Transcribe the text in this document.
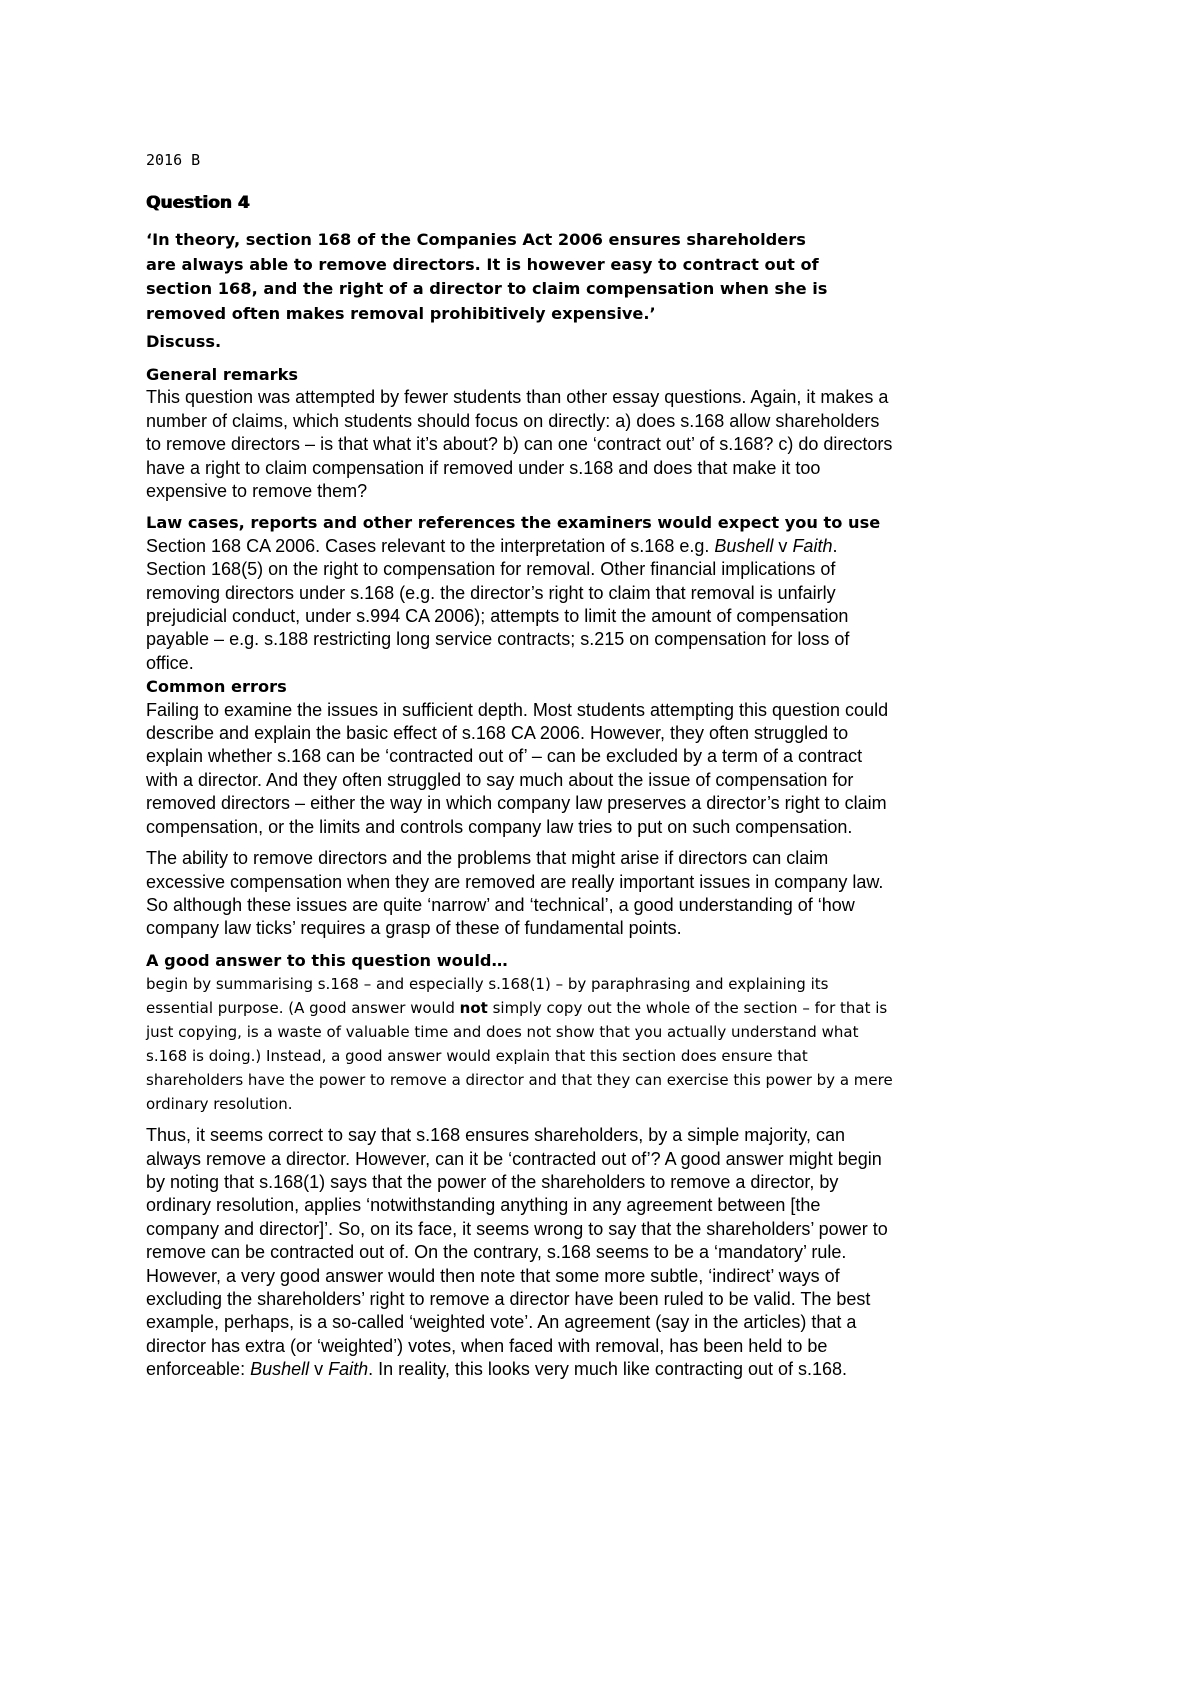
2016 B

Question 4

‘In theory, section 168 of the Companies Act 2006 ensures shareholders are always able to remove directors. It is however easy to contract out of section 168, and the right of a director to claim compensation when she is removed often makes removal prohibitively expensive.’

Discuss.

General remarks

This question was attempted by fewer students than other essay questions. Again, it makes a number of claims, which students should focus on directly: a) does s.168 allow shareholders to remove directors – is that what it’s about? b) can one ‘contract out’ of s.168? c) do directors have a right to claim compensation if removed under s.168 and does that make it too expensive to remove them?

Law cases, reports and other references the examiners would expect you to use Section 168 CA 2006. Cases relevant to the interpretation of s.168 e.g. Bushell v Faith. Section 168(5) on the right to compensation for removal. Other financial implications of removing directors under s.168 (e.g. the director’s right to claim that removal is unfairly prejudicial conduct, under s.994 CA 2006); attempts to limit the amount of compensation payable – e.g. s.188 restricting long service contracts; s.215 on compensation for loss of office.

Common errors

Failing to examine the issues in sufficient depth. Most students attempting this question could describe and explain the basic effect of s.168 CA 2006. However, they often struggled to explain whether s.168 can be ‘contracted out of’ – can be excluded by a term of a contract with a director. And they often struggled to say much about the issue of compensation for removed directors – either the way in which company law preserves a director’s right to claim compensation, or the limits and controls company law tries to put on such compensation.

The ability to remove directors and the problems that might arise if directors can claim excessive compensation when they are removed are really important issues in company law. So although these issues are quite ‘narrow’ and ‘technical’, a good understanding of ‘how company law ticks’ requires a grasp of these of fundamental points.

A good answer to this question would…

begin by summarising s.168 – and especially s.168(1) – by paraphrasing and explaining its essential purpose. (A good answer would not simply copy out the whole of the section – for that is just copying, is a waste of valuable time and does not show that you actually understand what s.168 is doing.) Instead, a good answer would explain that this section does ensure that shareholders have the power to remove a director and that they can exercise this power by a mere ordinary resolution.

Thus, it seems correct to say that s.168 ensures shareholders, by a simple majority, can always remove a director. However, can it be ‘contracted out of’? A good answer might begin by noting that s.168(1) says that the power of the shareholders to remove a director, by ordinary resolution, applies ‘notwithstanding anything in any agreement between [the company and director]’. So, on its face, it seems wrong to say that the shareholders’ power to remove can be contracted out of. On the contrary, s.168 seems to be a ‘mandatory’ rule. However, a very good answer would then note that some more subtle, ‘indirect’ ways of excluding the shareholders’ right to remove a director have been ruled to be valid. The best example, perhaps, is a so-called ‘weighted vote’. An agreement (say in the articles) that a director has extra (or ‘weighted’) votes, when faced with removal, has been held to be enforceable: Bushell v Faith. In reality, this looks very much like contracting out of s.168.
